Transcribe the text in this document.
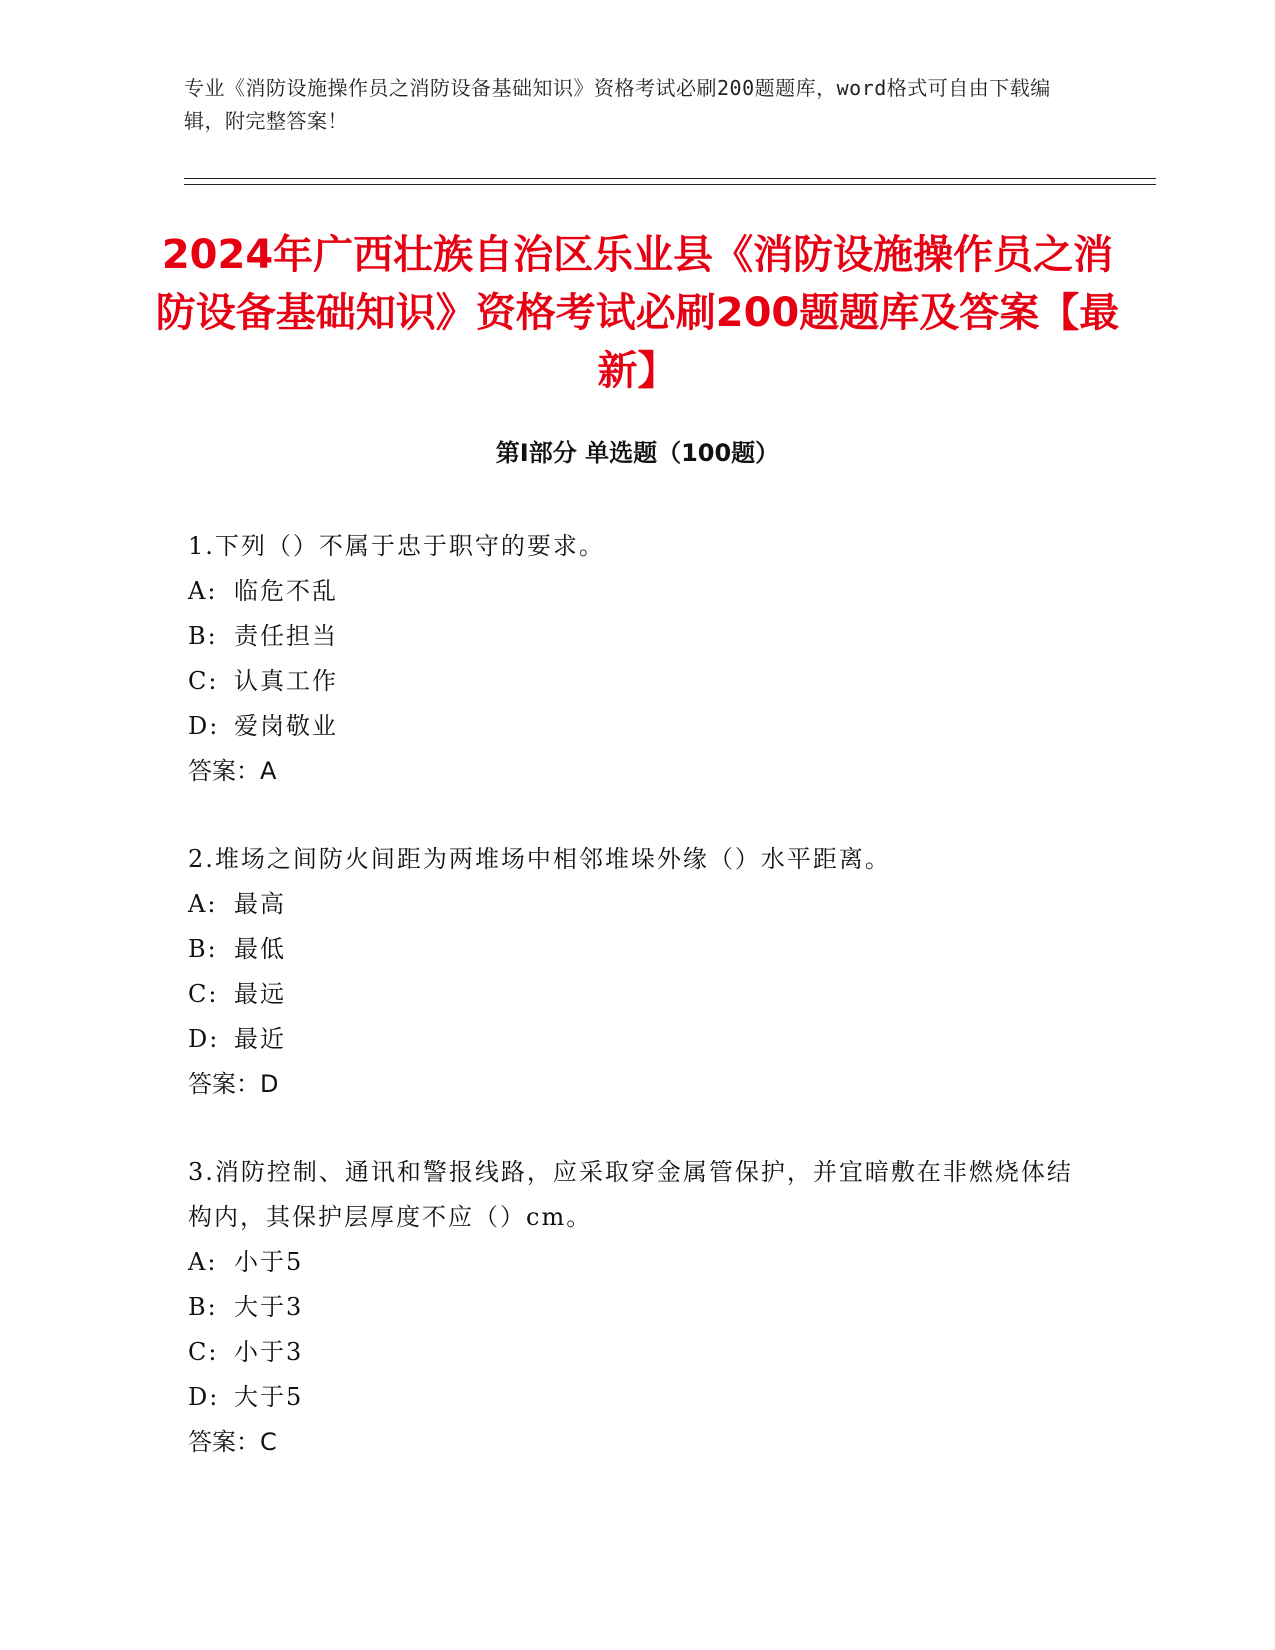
专业《消防设施操作员之消防设备基础知识》资格考试必刷200题题库，word格式可自由下载编辑，附完整答案！
2024年广西壮族自治区乐业县《消防设施操作员之消防设备基础知识》资格考试必刷200题题库及答案【最新】
第Ⅰ部分 单选题（100题）
1.下列（）不属于忠于职守的要求。
A: 临危不乱
B: 责任担当
C: 认真工作
D: 爱岗敬业
答案：A
2.堆场之间防火间距为两堆场中相邻堆垛外缘（）水平距离。
A: 最高
B: 最低
C: 最远
D: 最近
答案：D
3.消防控制、通讯和警报线路，应采取穿金属管保护，并宜暗敷在非燃烧体结构内，其保护层厚度不应（）cm。
A: 小于5
B: 大于3
C: 小于3
D: 大于5
答案：C
